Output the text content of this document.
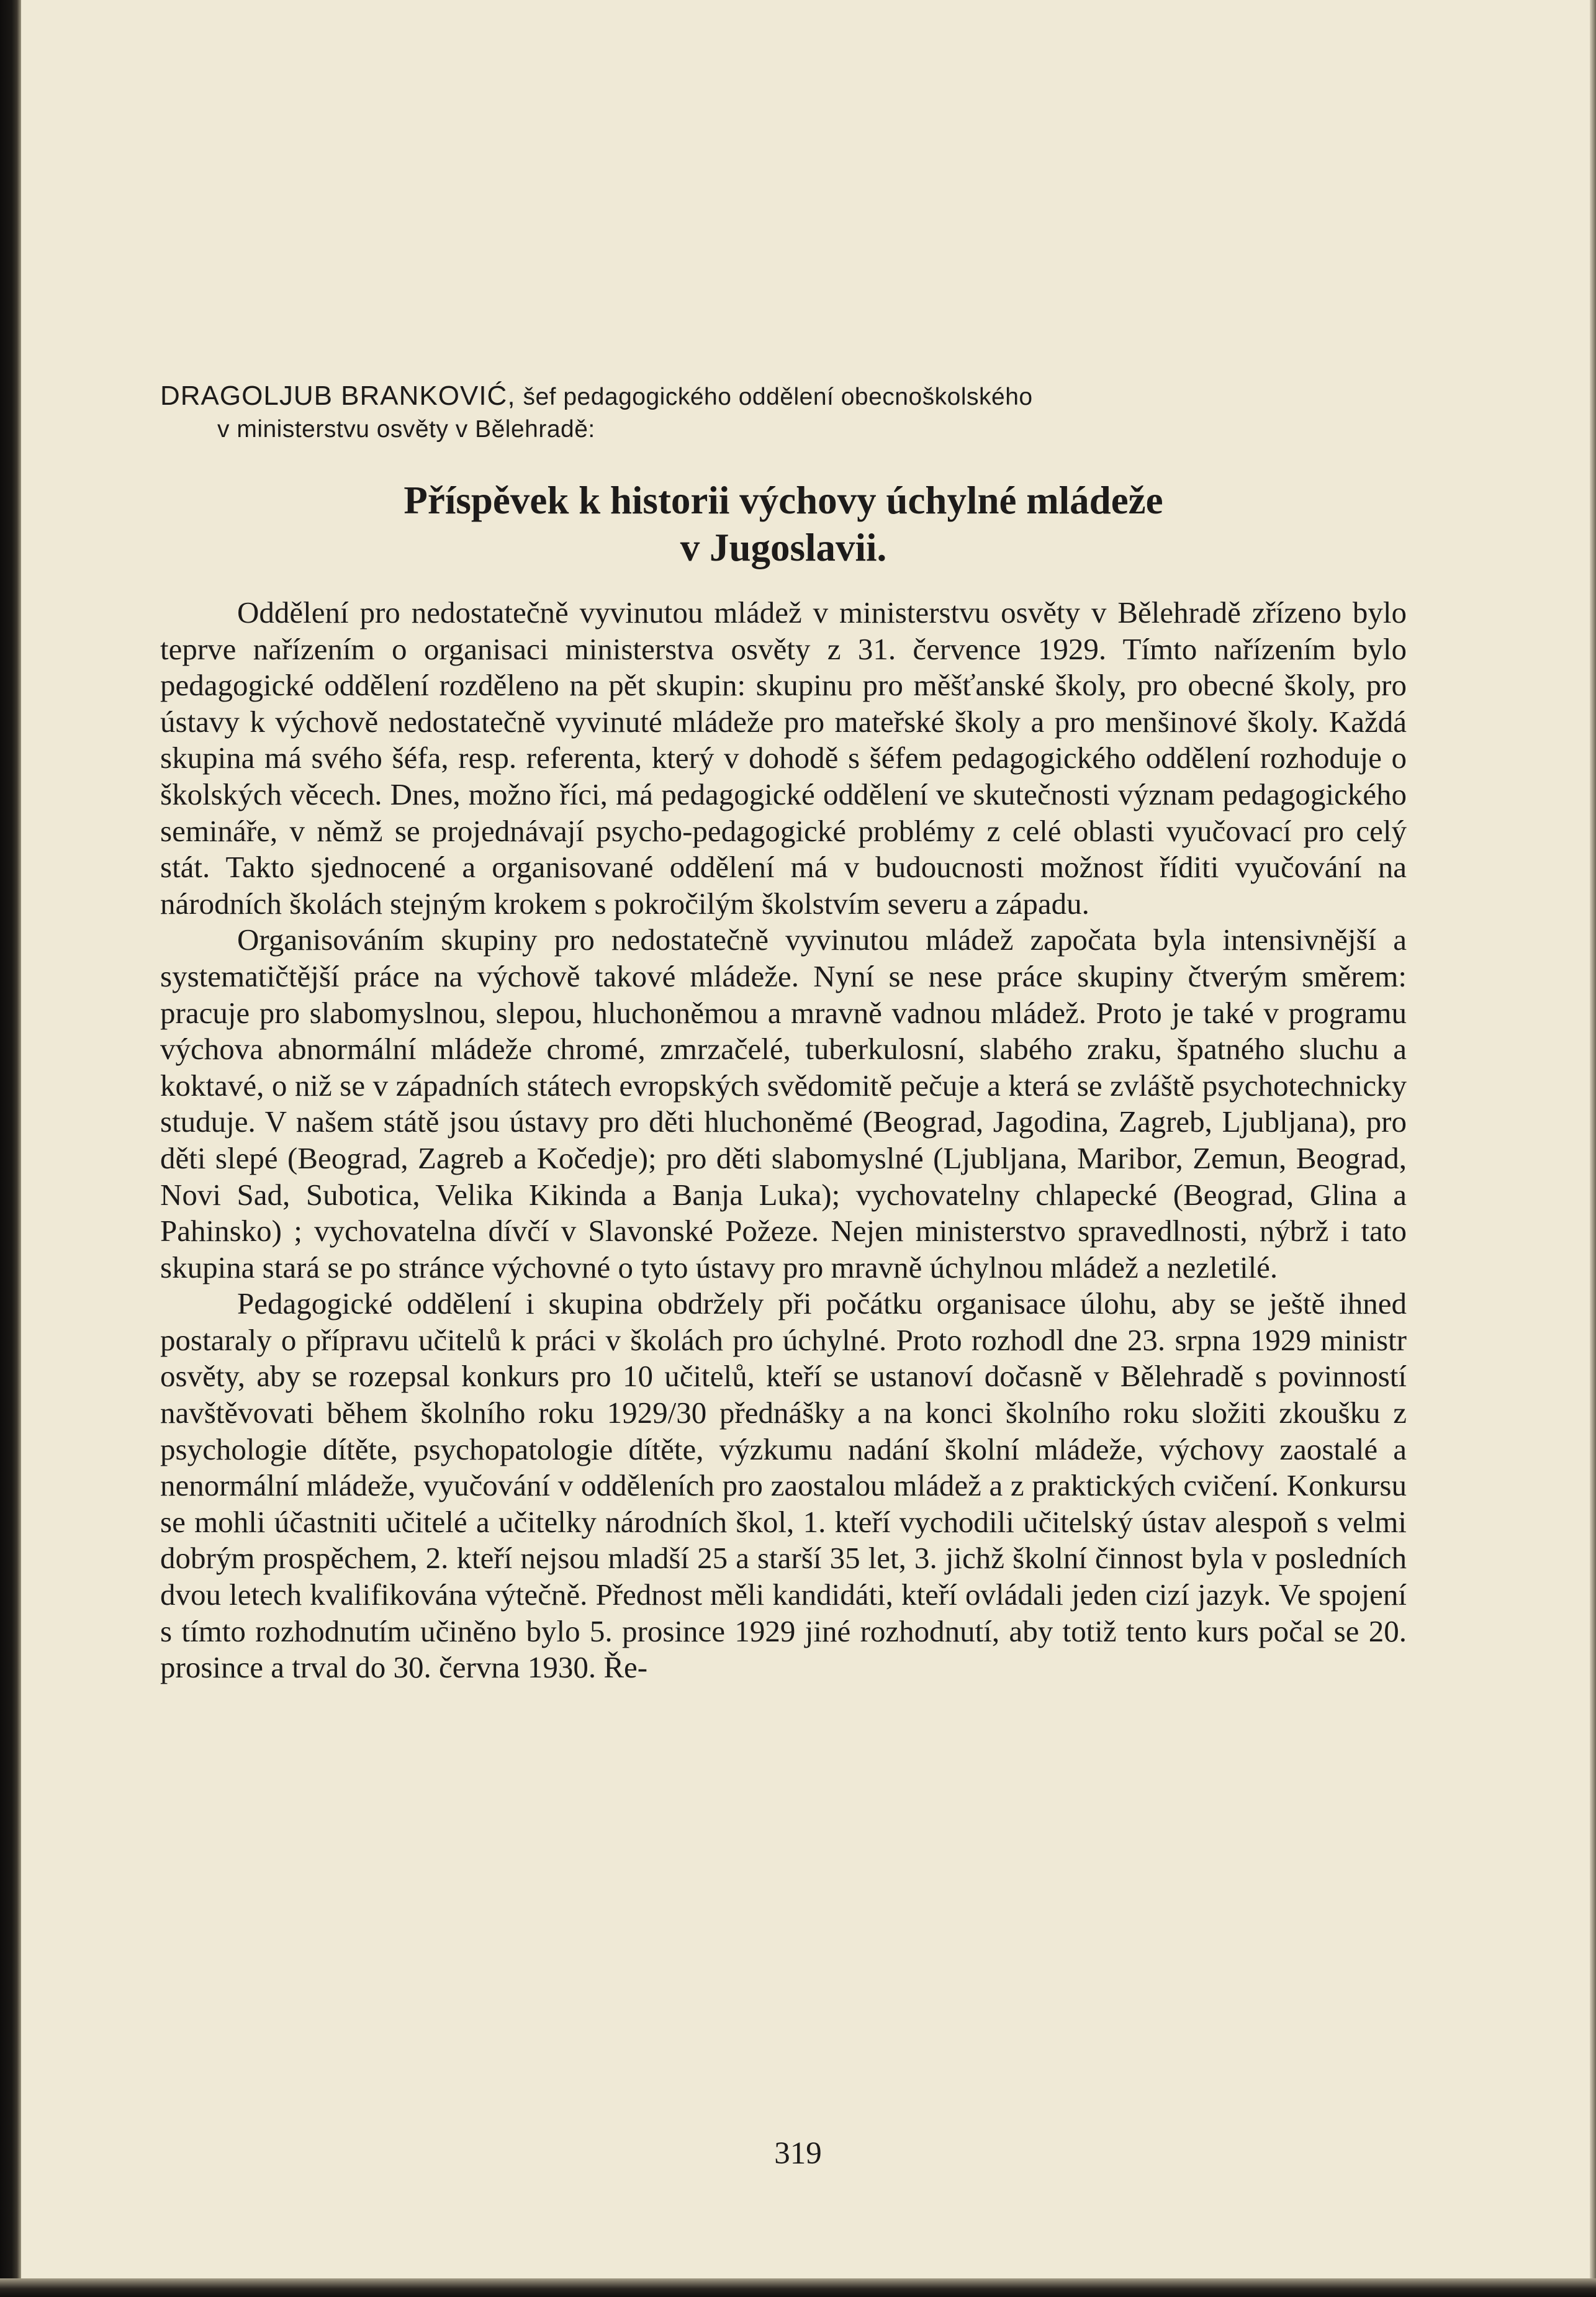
DRAGOLJUB BRANKOVIĆ, šef pedagogického oddělení obecnoškolského
v ministerstvu osvěty v Bělehradě:

Příspěvek k historii výchovy úchylné mládeže
v Jugoslavii.

Oddělení pro nedostatečně vyvinutou mládež v ministerstvu osvěty v Bělehradě zřízeno bylo teprve nařízením o organisaci ministerstva osvěty z 31. července 1929. Tímto nařízením bylo pedagogické oddělení rozděleno na pět skupin: skupinu pro měšťanské školy, pro obecné školy, pro ústavy k výchově nedostatečně vyvinuté mládeže pro mateřské školy a pro menšinové školy. Každá skupina má svého šéfa, resp. referenta, který v dohodě s šéfem pedagogického oddělení rozhoduje o školských věcech. Dnes, možno říci, má pedagogické oddělení ve skutečnosti význam pedagogického semináře, v němž se projednávají psycho-pedagogické problémy z celé oblasti vyučovací pro celý stát. Takto sjednocené a organisované oddělení má v budoucnosti možnost říditi vyučování na národních školách stejným krokem s pokročilým školstvím severu a západu.

Organisováním skupiny pro nedostatečně vyvinutou mládež započata byla intensivnější a systematičtější práce na výchově takové mládeže. Nyní se nese práce skupiny čtverým směrem: pracuje pro slabomyslnou, slepou, hluchoněmou a mravně vadnou mládež. Proto je také v programu výchova abnormální mládeže chromé, zmrzačelé, tuberkulosní, slabého zraku, špatného sluchu a koktavé, o niž se v západních státech evropských svědomitě pečuje a která se zvláště psychotechnicky studuje. V našem státě jsou ústavy pro děti hluchoněmé (Beograd, Jagodina, Zagreb, Ljubljana), pro děti slepé (Beograd, Zagreb a Kočedje); pro děti slabomyslné (Ljubljana, Maribor, Zemun, Beograd, Novi Sad, Subotica, Velika Kikinda a Banja Luka); vychovatelny chlapecké (Beograd, Glina a Pahinsko) ; vychovatelna dívčí v Slavonské Požeze. Nejen ministerstvo spravedlnosti, nýbrž i tato skupina stará se po stránce výchovné o tyto ústavy pro mravně úchylnou mládež a nezletilé.

Pedagogické oddělení i skupina obdržely při počátku organisace úlohu, aby se ještě ihned postaraly o přípravu učitelů k práci v školách pro úchylné. Proto rozhodl dne 23. srpna 1929 ministr osvěty, aby se rozepsal konkurs pro 10 učitelů, kteří se ustanoví dočasně v Bělehradě s povinností navštěvovati během školního roku 1929/30 přednášky a na konci školního roku složiti zkoušku z psychologie dítěte, psychopatologie dítěte, výzkumu nadání školní mládeže, výchovy zaostalé a nenormální mládeže, vyučování v odděleních pro zaostalou mládež a z praktických cvičení. Konkursu se mohli účastniti učitelé a učitelky národních škol, 1. kteří vychodili učitelský ústav alespoň s velmi dobrým prospěchem, 2. kteří nejsou mladší 25 a starší 35 let, 3. jichž školní činnost byla v posledních dvou letech kvalifikována výtečně. Přednost měli kandidáti, kteří ovládali jeden cizí jazyk. Ve spojení s tímto rozhodnutím učiněno bylo 5. prosince 1929 jiné rozhodnutí, aby totiž tento kurs počal se 20. prosince a trval do 30. června 1930. Ře-

319
